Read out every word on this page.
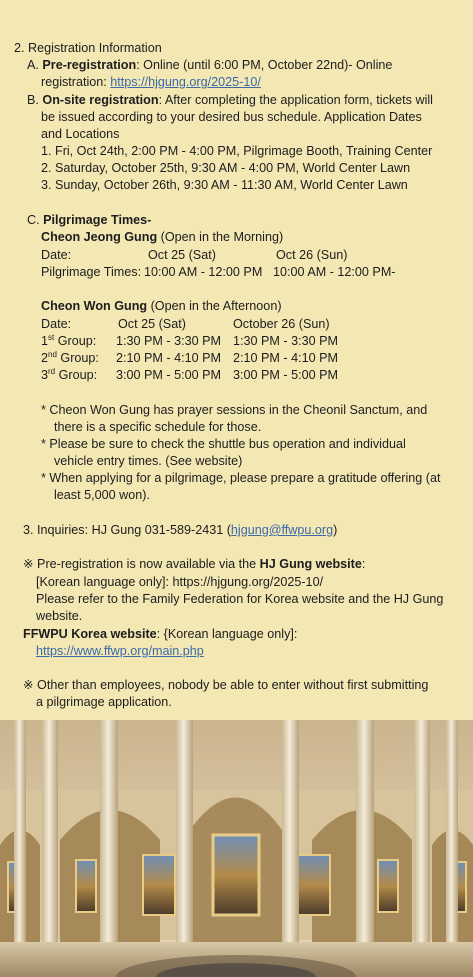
2. Registration Information
A. Pre-registration: Online (until 6:00 PM, October 22nd)- Online
registration: https://hjgung.org/2025-10/
B. On-site registration: After completing the application form, tickets will
be issued according to your desired bus schedule. Application Dates
and Locations
1. Fri, Oct 24th, 2:00 PM - 4:00 PM, Pilgrimage Booth, Training Center
2. Saturday, October 25th, 9:30 AM - 4:00 PM, World Center Lawn
3. Sunday, October 26th, 9:30 AM - 11:30 AM, World Center Lawn
C. Pilgrimage Times-
Cheon Jeong Gung (Open in the Morning)
Date:	Oct 25 (Sat)	Oct 26 (Sun)
Pilgrimage Times: 10:00 AM - 12:00 PM 10:00 AM - 12:00 PM-
Cheon Won Gung (Open in the Afternoon)
Date:	Oct 25 (Sat)	October 26 (Sun)
1st Group: 1:30 PM - 3:30 PM 1:30 PM - 3:30 PM
2nd Group: 2:10 PM - 4:10 PM 2:10 PM - 4:10 PM
3rd Group: 3:00 PM - 5:00 PM 3:00 PM - 5:00 PM
* Cheon Won Gung has prayer sessions in the Cheonil Sanctum, and
there is a specific schedule for those.
* Please be sure to check the shuttle bus operation and individual
vehicle entry times. (See website)
* When applying for a pilgrimage, please prepare a gratitude offering (at
least 5,000 won).
3. Inquiries: HJ Gung 031-589-2431 (hjgung@ffwpu.org)
※ Pre-registration is now available via the HJ Gung website:
[Korean language only]: https://hjgung.org/2025-10/
Please refer to the Family Federation for Korea website and the HJ Gung
website.
FFWPU Korea website: {Korean language only]:
https://www.ffwp.org/main.php
※ Other than employees, nobody be able to enter without first submitting
a pilgrimage application.
